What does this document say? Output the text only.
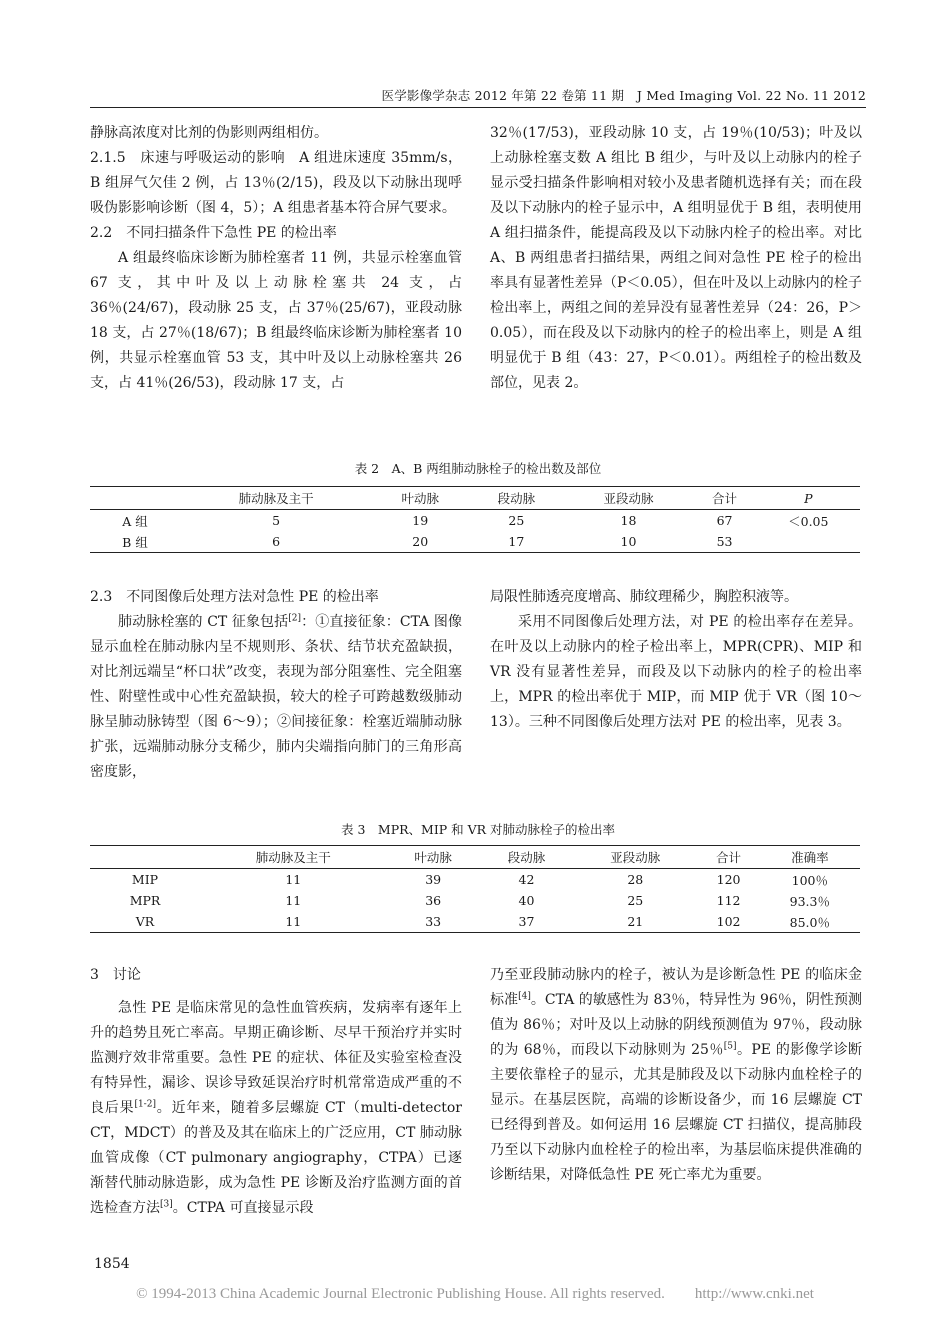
医学影像学杂志 2012 年第 22 卷第 11 期　J Med Imaging Vol. 22 No. 11 2012

静脉高浓度对比剂的伪影则两组相仿。

2.1.5　床速与呼吸运动的影响 A 组进床速度 35mm/s，B 组屏气欠佳 2 例，占 13％(2/15)，段及以下动脉出现呼吸伪影影响诊断（图 4，5）；A 组患者基本符合屏气要求。

2.2　不同扫描条件下急性 PE 的检出率

A 组最终临床诊断为肺栓塞者 11 例，共显示栓塞血管 67 支，其中叶及以上动脉栓塞共 24 支，占 36％(24/67)，段动脉 25 支，占 37％(25/67)，亚段动脉 18 支，占 27％(18/67)；B 组最终临床诊断为肺栓塞者 10 例，共显示栓塞血管 53 支，其中叶及以上动脉栓塞共 26 支，占 41％(26/53)，段动脉 17 支，占

32％(17/53)，亚段动脉 10 支，占 19％(10/53)；叶及以上动脉栓塞支数 A 组比 B 组少，与叶及以上动脉内的栓子显示受扫描条件影响相对较小及患者随机选择有关；而在段及以下动脉内的栓子显示中，A 组明显优于 B 组，表明使用 A 组扫描条件，能提高段及以下动脉内栓子的检出率。对比 A、B 两组患者扫描结果，两组之间对急性 PE 栓子的检出率具有显著性差异（P＜0.05），但在叶及以上动脉内的栓子检出率上，两组之间的差异没有显著性差异（24：26，P＞0.05），而在段及以下动脉内的栓子的检出率上，则是 A 组明显优于 B 组（43：27，P＜0.01）。两组栓子的检出数及部位，见表 2。

表 2　A、B 两组肺动脉栓子的检出数及部位
	肺动脉及主干	叶动脉	段动脉	亚段动脉	合计	P
A 组	5	19	25	18	67	＜0.05
B 组	6	20	17	10	53	

2.3　不同图像后处理方法对急性 PE 的检出率

肺动脉栓塞的 CT 征象包括[2]：①直接征象：CTA 图像显示血栓在肺动脉内呈不规则形、条状、结节状充盈缺损，对比剂远端呈“杯口状”改变，表现为部分阻塞性、完全阻塞性、附壁性或中心性充盈缺损，较大的栓子可跨越数级肺动脉呈肺动脉铸型（图 6～9）；②间接征象：栓塞近端肺动脉扩张，远端肺动脉分支稀少，肺内尖端指向肺门的三角形高密度影，

局限性肺透亮度增高、肺纹理稀少，胸腔积液等。

采用不同图像后处理方法，对 PE 的检出率存在差异。在叶及以上动脉内的栓子检出率上，MPR(CPR)、MIP 和 VR 没有显著性差异，而段及以下动脉内的栓子的检出率上，MPR 的检出率优于 MIP，而 MIP 优于 VR（图 10～13）。三种不同图像后处理方法对 PE 的检出率，见表 3。

表 3　MPR、MIP 和 VR 对肺动脉栓子的检出率
	肺动脉及主干	叶动脉	段动脉	亚段动脉	合计	准确率
MIP	11	39	42	28	120	100％
MPR	11	36	40	25	112	93.3％
VR	11	33	37	21	102	85.0％

3　讨论

急性 PE 是临床常见的急性血管疾病，发病率有逐年上升的趋势且死亡率高。早期正确诊断、尽早干预治疗并实时监测疗效非常重要。急性 PE 的症状、体征及实验室检查没有特异性，漏诊、误诊导致延误治疗时机常常造成严重的不良后果[1-2]。近年来，随着多层螺旋 CT（multi-detector CT，MDCT）的普及及其在临床上的广泛应用，CT 肺动脉血管成像（CT pulmonary angiography，CTPA）已逐渐替代肺动脉造影，成为急性 PE 诊断及治疗监测方面的首选检查方法[3]。CTPA 可直接显示段

乃至亚段肺动脉内的栓子，被认为是诊断急性 PE 的临床金标准[4]。CTA 的敏感性为 83％，特异性为 96％，阴性预测值为 86％；对叶及以上动脉的阴线预测值为 97％，段动脉的为 68％，而段以下动脉则为 25％[5]。PE 的影像学诊断主要依靠栓子的显示，尤其是肺段及以下动脉内血栓栓子的显示。在基层医院，高端的诊断设备少，而 16 层螺旋 CT 已经得到普及。如何运用 16 层螺旋 CT 扫描仪，提高肺段乃至以下动脉内血栓栓子的检出率，为基层临床提供准确的诊断结果，对降低急性 PE 死亡率尤为重要。

1854
© 1994-2013 China Academic Journal Electronic Publishing House. All rights reserved.　　http://www.cnki.net
